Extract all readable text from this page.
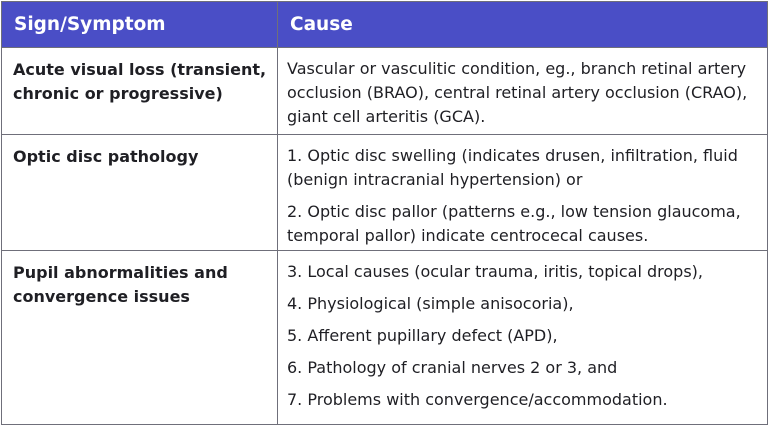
Sign/Symptom	Cause
Acute visual loss (transient, chronic or progressive)	Vascular or vasculitic condition, eg., branch retinal artery occlusion (BRAO), central retinal artery occlusion (CRAO), giant cell arteritis (GCA).

Optic disc pathology	1. Optic disc swelling (indicates drusen, infiltration, fluid (benign intracranial hypertension) or

2. Optic disc pallor (patterns e.g., low tension glaucoma, temporal pallor) indicate centrocecal causes.

Pupil abnormalities and convergence issues	3. Local causes (ocular trauma, iritis, topical drops),

4. Physiological (simple anisocoria),

5. Afferent pupillary defect (APD),

6. Pathology of cranial nerves 2 or 3, and

7. Problems with convergence/accommodation.
